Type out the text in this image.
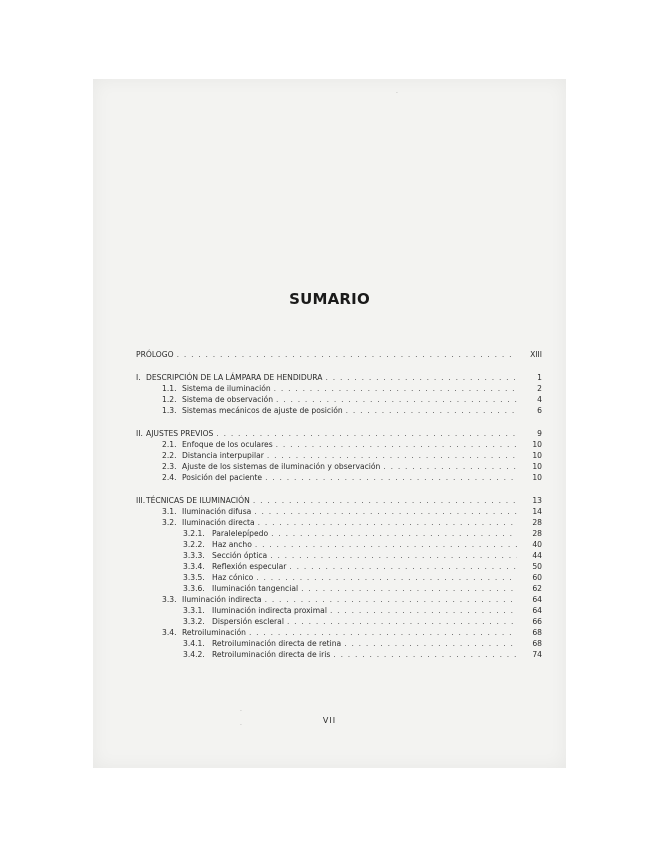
·
·
·
SUMARIO
PRÓLOGO . . .	XIII
I. DESCRIPCIÓN DE LA LÁMPARA DE HENDIDURA . . .	1
1.1. Sistema de iluminación . . .	2
1.2. Sistema de observación . . .	4
1.3. Sistemas mecánicos de ajuste de posición . . .	6
II. AJUSTES PREVIOS . . .	9
2.1. Enfoque de los oculares . . .	10
2.2. Distancia interpupilar . . .	10
2.3. Ajuste de los sistemas de iluminación y observación . . .	10
2.4. Posición del paciente . . .	10
III. TÉCNICAS DE ILUMINACIÓN . . .	13
3.1. Iluminación difusa . . .	14
3.2. Iluminación directa . . .	28
3.2.1. Paralelepípedo . . .	28
3.2.2. Haz ancho . . .	40
3.3.3. Sección óptica . . .	44
3.3.4. Reflexión especular . . .	50
3.3.5. Haz cónico . . .	60
3.3.6. Iluminación tangencial . . .	62
3.3. Iluminación indirecta . . .	64
3.3.1. Iluminación indirecta proximal . . .	64
3.3.2. Dispersión escleral . . .	66
3.4. Retroiluminación . . .	68
3.4.1. Retroiluminación directa de retina . . .	68
3.4.2. Retroiluminación directa de iris . . .	74
VII
